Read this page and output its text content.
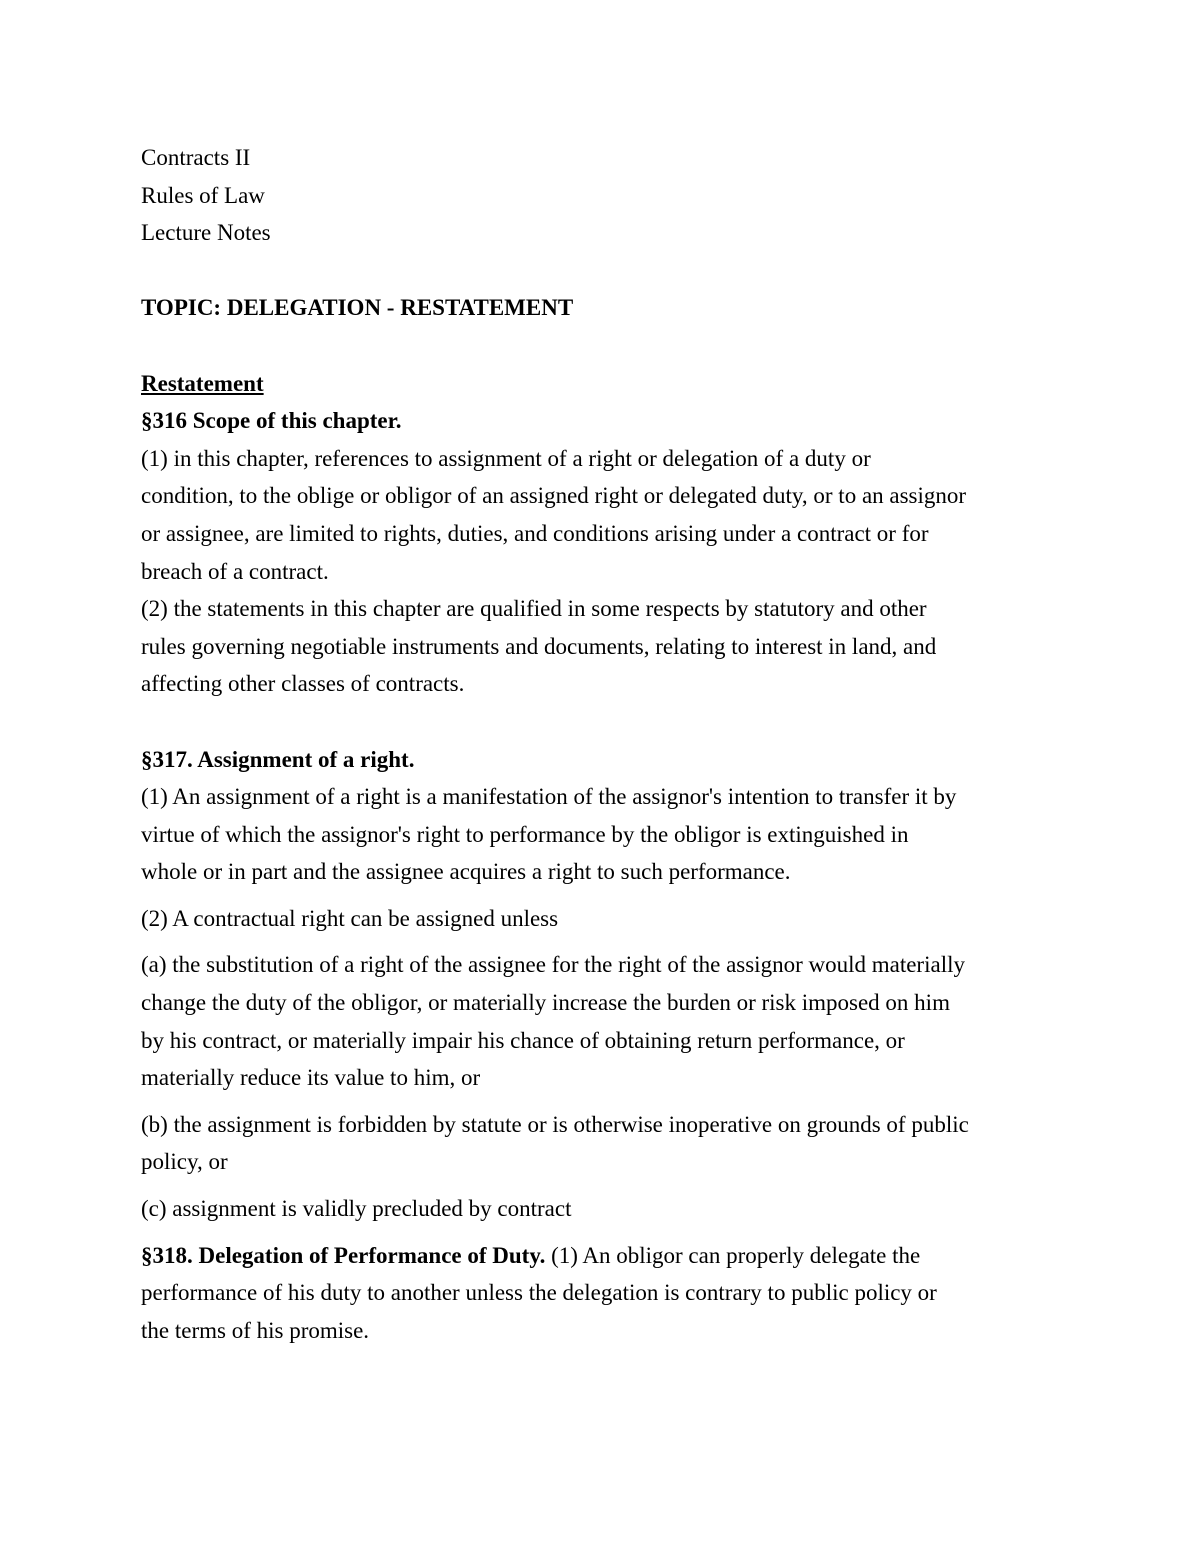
Contracts II
Rules of Law
Lecture Notes
TOPIC: DELEGATION - RESTATEMENT
Restatement
§316 Scope of this chapter.
(1) in this chapter, references to assignment of a right or delegation of a duty or
condition, to the oblige or obligor of an assigned right or delegated duty, or to an assignor
or assignee, are limited to rights, duties, and conditions arising under a contract or for
breach of a contract.
(2) the statements in this chapter are qualified in some respects by statutory and other
rules governing negotiable instruments and documents, relating to interest in land, and
affecting other classes of contracts.
§317. Assignment of a right.
(1) An assignment of a right is a manifestation of the assignor's intention to transfer it by
virtue of which the assignor's right to performance by the obligor is extinguished in
whole or in part and the assignee acquires a right to such performance.
(2) A contractual right can be assigned unless
(a) the substitution of a right of the assignee for the right of the assignor would materially
change the duty of the obligor, or materially increase the burden or risk imposed on him
by his contract, or materially impair his chance of obtaining return performance, or
materially reduce its value to him, or
(b) the assignment is forbidden by statute or is otherwise inoperative on grounds of public
policy, or
(c) assignment is validly precluded by contract
§318. Delegation of Performance of Duty. (1) An obligor can properly delegate the
performance of his duty to another unless the delegation is contrary to public policy or
the terms of his promise.
